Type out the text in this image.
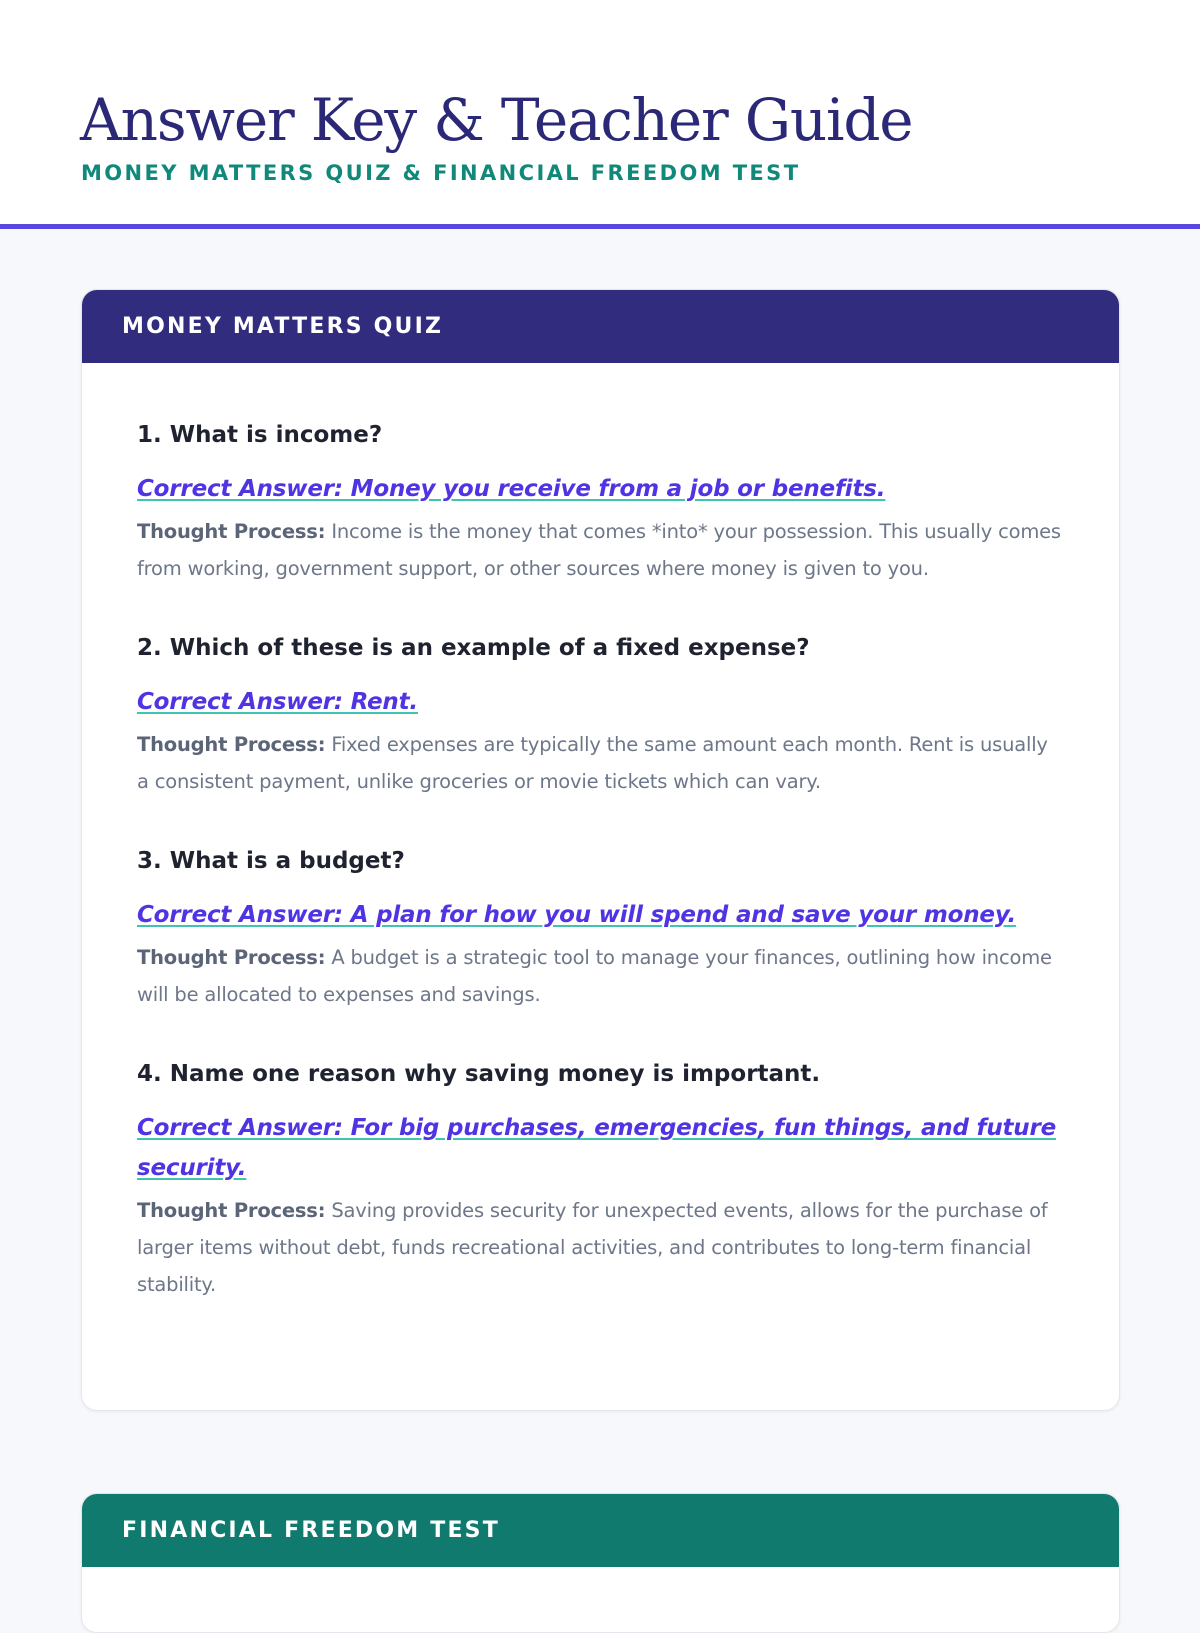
Answer Key & Teacher Guide
MONEY MATTERS QUIZ & FINANCIAL FREEDOM TEST
MONEY MATTERS QUIZ
1. What is income?
Correct Answer: Money you receive from a job or benefits.
Thought Process: Income is the money that comes *into* your possession. This usually comes from working, government support, or other sources where money is given to you.
2. Which of these is an example of a fixed expense?
Correct Answer: Rent.
Thought Process: Fixed expenses are typically the same amount each month. Rent is usually a consistent payment, unlike groceries or movie tickets which can vary.
3. What is a budget?
Correct Answer: A plan for how you will spend and save your money.
Thought Process: A budget is a strategic tool to manage your finances, outlining how income will be allocated to expenses and savings.
4. Name one reason why saving money is important.
Correct Answer: For big purchases, emergencies, fun things, and future security.
Thought Process: Saving provides security for unexpected events, allows for the purchase of larger items without debt, funds recreational activities, and contributes to long-term financial stability.
FINANCIAL FREEDOM TEST
